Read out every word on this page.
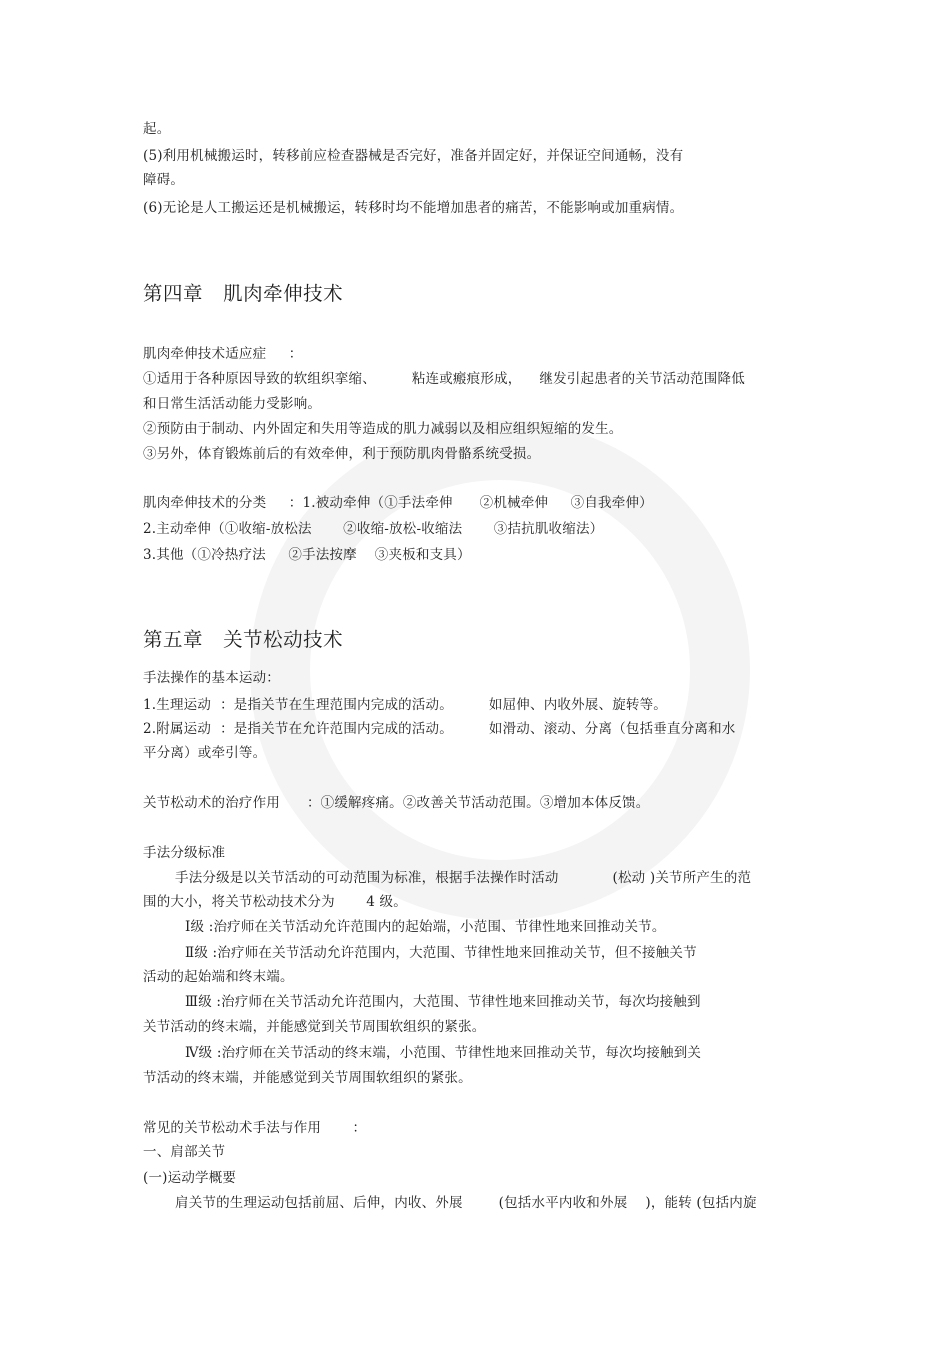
起。
(5)利用机械搬运时，转移前应检查器械是否完好，准备并固定好，并保证空间通畅，没有
障碍。
(6)无论是人工搬运还是机械搬运，转移时均不能增加患者的痛苦，不能影响或加重病情。
第四章   肌肉牵伸技术
肌肉牵伸技术适应症     ：
①适用于各种原因导致的软组织挛缩、        粘连或瘢痕形成，    继发引起患者的关节活动范围降低
和日常生活活动能力受影响。
②预防由于制动、内外固定和失用等造成的肌力减弱以及相应组织短缩的发生。
③另外，体育锻炼前后的有效牵伸，利于预防肌肉骨骼系统受损。
肌肉牵伸技术的分类     ：1.被动牵伸（①手法牵伸      ②机械牵伸     ③自我牵伸）
2.主动牵伸（①收缩-放松法       ②收缩-放松-收缩法       ③拮抗肌收缩法）
3.其他（①冷热疗法     ②手法按摩    ③夹板和支具）
第五章   关节松动技术
手法操作的基本运动：
1.生理运动  ：是指关节在生理范围内完成的活动。        如屈伸、内收外展、旋转等。
2.附属运动  ：是指关节在允许范围内完成的活动。        如滑动、滚动、分离（包括垂直分离和水
平分离）或牵引等。
关节松动术的治疗作用      ：①缓解疼痛。②改善关节活动范围。③增加本体反馈。
手法分级标准
手法分级是以关节活动的可动范围为标准，根据手法操作时活动            (松动 )关节所产生的范
围的大小，将关节松动技术分为       4 级。
Ⅰ级 :治疗师在关节活动允许范围内的起始端，小范围、节律性地来回推动关节。
Ⅱ级 :治疗师在关节活动允许范围内，大范围、节律性地来回推动关节，但不接触关节
活动的起始端和终末端。
Ⅲ级 :治疗师在关节活动允许范围内，大范围、节律性地来回推动关节，每次均接触到
关节活动的终末端，并能感觉到关节周围软组织的紧张。
Ⅳ级 :治疗师在关节活动的终末端，小范围、节律性地来回推动关节，每次均接触到关
节活动的终末端，并能感觉到关节周围软组织的紧张。
常见的关节松动术手法与作用       ：
一、肩部关节
(一)运动学概要
肩关节的生理运动包括前屈、后伸，内收、外展        (包括水平内收和外展    )，能转 (包括内旋
